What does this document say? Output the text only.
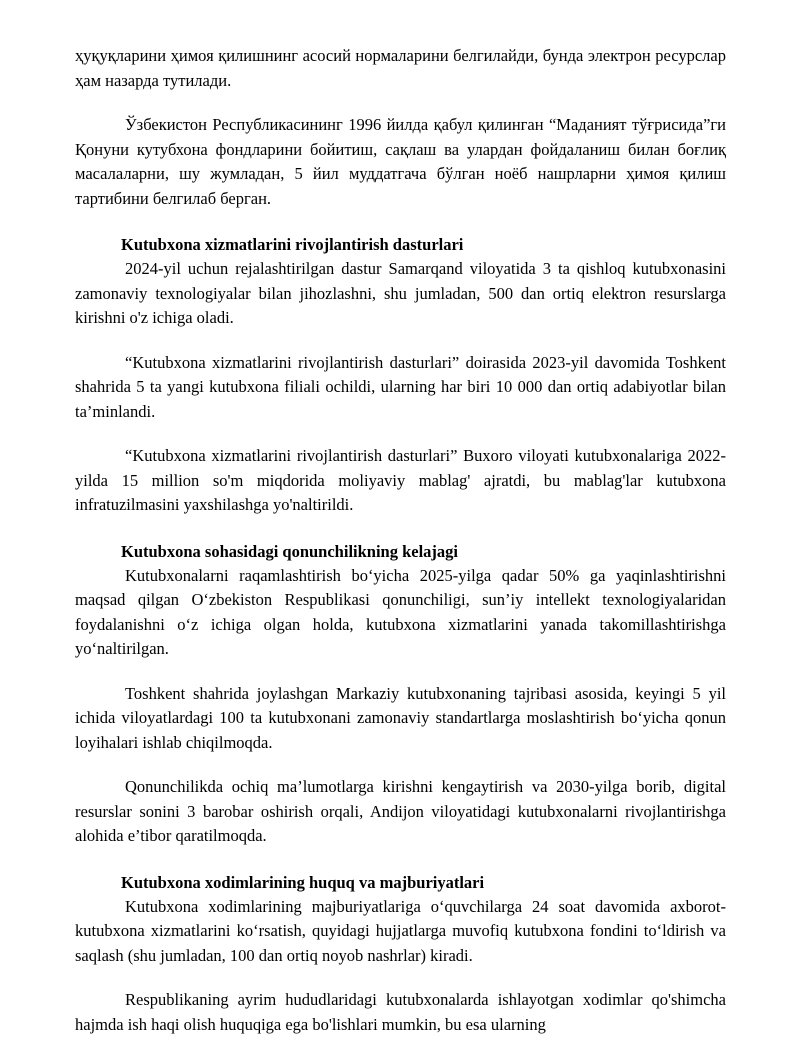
ҳуқуқларини ҳимоя қилишнинг асосий нормаларини белгилайди, бунда электрон ресурслар ҳам назарда тутилади.

Ўзбекистон Республикасининг 1996 йилда қабул қилинган “Маданият тўғрисида”ги Қонуни кутубхона фондларини бойитиш, сақлаш ва улардан фойдаланиш билан боғлиқ масалаларни, шу жумладан, 5 йил муддатгача бўлган ноёб нашрларни ҳимоя қилиш тартибини белгилаб берган.

Kutubxona xizmatlarini rivojlantirish dasturlari

2024-yil uchun rejalashtirilgan dastur Samarqand viloyatida 3 ta qishloq kutubxonasini zamonaviy texnologiyalar bilan jihozlashni, shu jumladan, 500 dan ortiq elektron resurslarga kirishni o'z ichiga oladi.

“Kutubxona xizmatlarini rivojlantirish dasturlari” doirasida 2023-yil davomida Toshkent shahrida 5 ta yangi kutubxona filiali ochildi, ularning har biri 10 000 dan ortiq adabiyotlar bilan ta’minlandi.

“Kutubxona xizmatlarini rivojlantirish dasturlari” Buxoro viloyati kutubxonalariga 2022-yilda 15 million so'm miqdorida moliyaviy mablag' ajratdi, bu mablag'lar kutubxona infratuzilmasini yaxshilashga yo'naltirildi.

Kutubxona sohasidagi qonunchilikning kelajagi

Kutubxonalarni raqamlashtirish bo‘yicha 2025-yilga qadar 50% ga yaqinlashtirishni maqsad qilgan O‘zbekiston Respublikasi qonunchiligi, sun’iy intellekt texnologiyalaridan foydalanishni o‘z ichiga olgan holda, kutubxona xizmatlarini yanada takomillashtirishga yo‘naltirilgan.

Toshkent shahrida joylashgan Markaziy kutubxonaning tajribasi asosida, keyingi 5 yil ichida viloyatlardagi 100 ta kutubxonani zamonaviy standartlarga moslashtirish bo‘yicha qonun loyihalari ishlab chiqilmoqda.

Qonunchilikda ochiq ma’lumotlarga kirishni kengaytirish va 2030-yilga borib, digital resurslar sonini 3 barobar oshirish orqali, Andijon viloyatidagi kutubxonalarni rivojlantirishga alohida e’tibor qaratilmoqda.

Kutubxona xodimlarining huquq va majburiyatlari

Kutubxona xodimlarining majburiyatlariga o‘quvchilarga 24 soat davomida axborot-kutubxona xizmatlarini ko‘rsatish, quyidagi hujjatlarga muvofiq kutubxona fondini to‘ldirish va saqlash (shu jumladan, 100 dan ortiq noyob nashrlar) kiradi.

Respublikaning ayrim hududlaridagi kutubxonalarda ishlayotgan xodimlar qo'shimcha hajmda ish haqi olish huquqiga ega bo'lishlari mumkin, bu esa ularning
